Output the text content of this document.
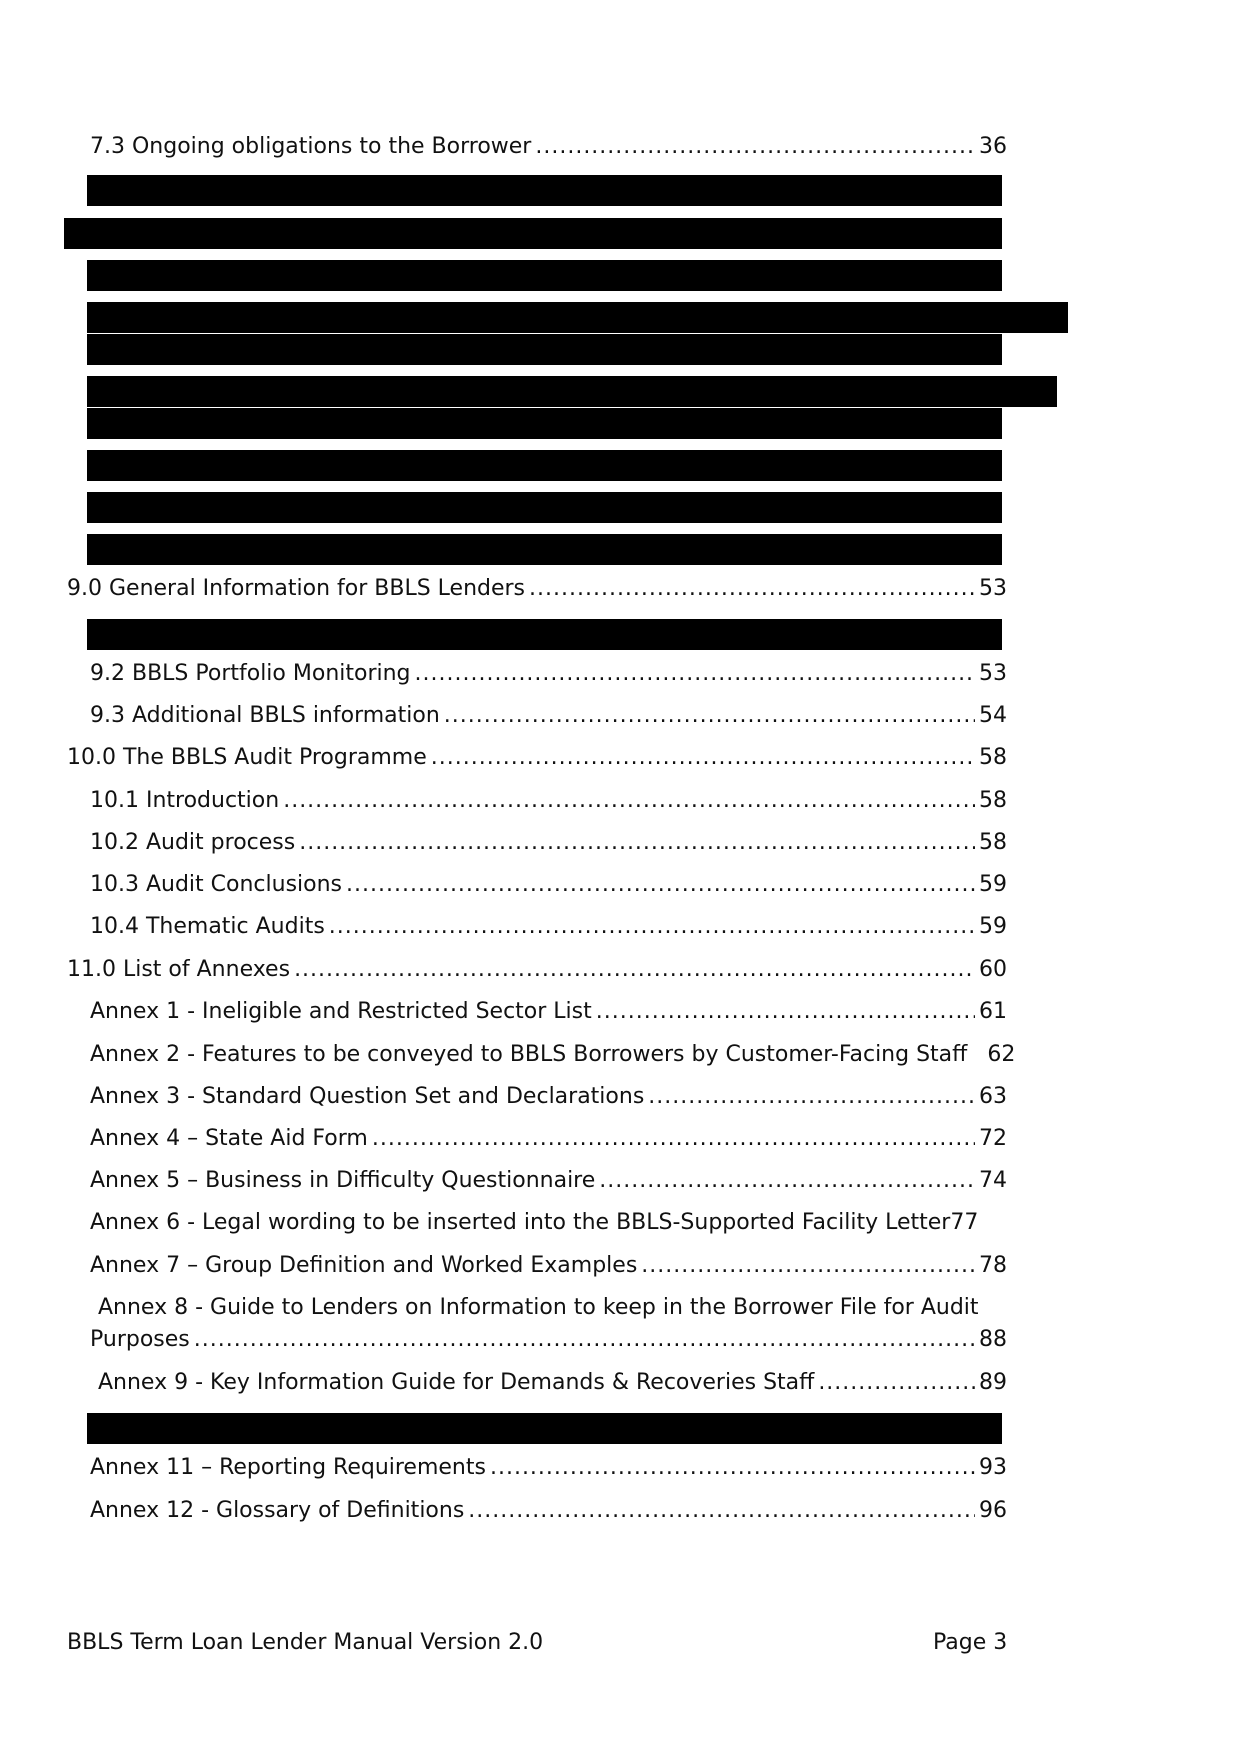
7.3 Ongoing obligations to the Borrower .....	36
9.0 General Information for BBLS Lenders .....	53
9.2 BBLS Portfolio Monitoring .....	53
9.3 Additional BBLS information .....	54
10.0 The BBLS Audit Programme .....	58
10.1 Introduction .....	58
10.2 Audit process .....	58
10.3 Audit Conclusions .....	59
10.4 Thematic Audits .....	59
11.0 List of Annexes .....	60
Annex 1 - Ineligible and Restricted Sector List .....	61
Annex 2 - Features to be conveyed to BBLS Borrowers by Customer-Facing Staff 62
Annex 3 - Standard Question Set and Declarations .....	63
Annex 4 – State Aid Form .....	72
Annex 5 – Business in Difficulty Questionnaire .....	74
Annex 6 - Legal wording to be inserted into the BBLS-Supported Facility Letter77
Annex 7 – Group Definition and Worked Examples .....	78
Annex 8 - Guide to Lenders on Information to keep in the Borrower File for Audit
Purposes .....	88
Annex 9 - Key Information Guide for Demands & Recoveries Staff .....	89
Annex 11 – Reporting Requirements .....	93
Annex 12 - Glossary of Definitions .....	96
BBLS Term Loan Lender Manual Version 2.0	Page 3
